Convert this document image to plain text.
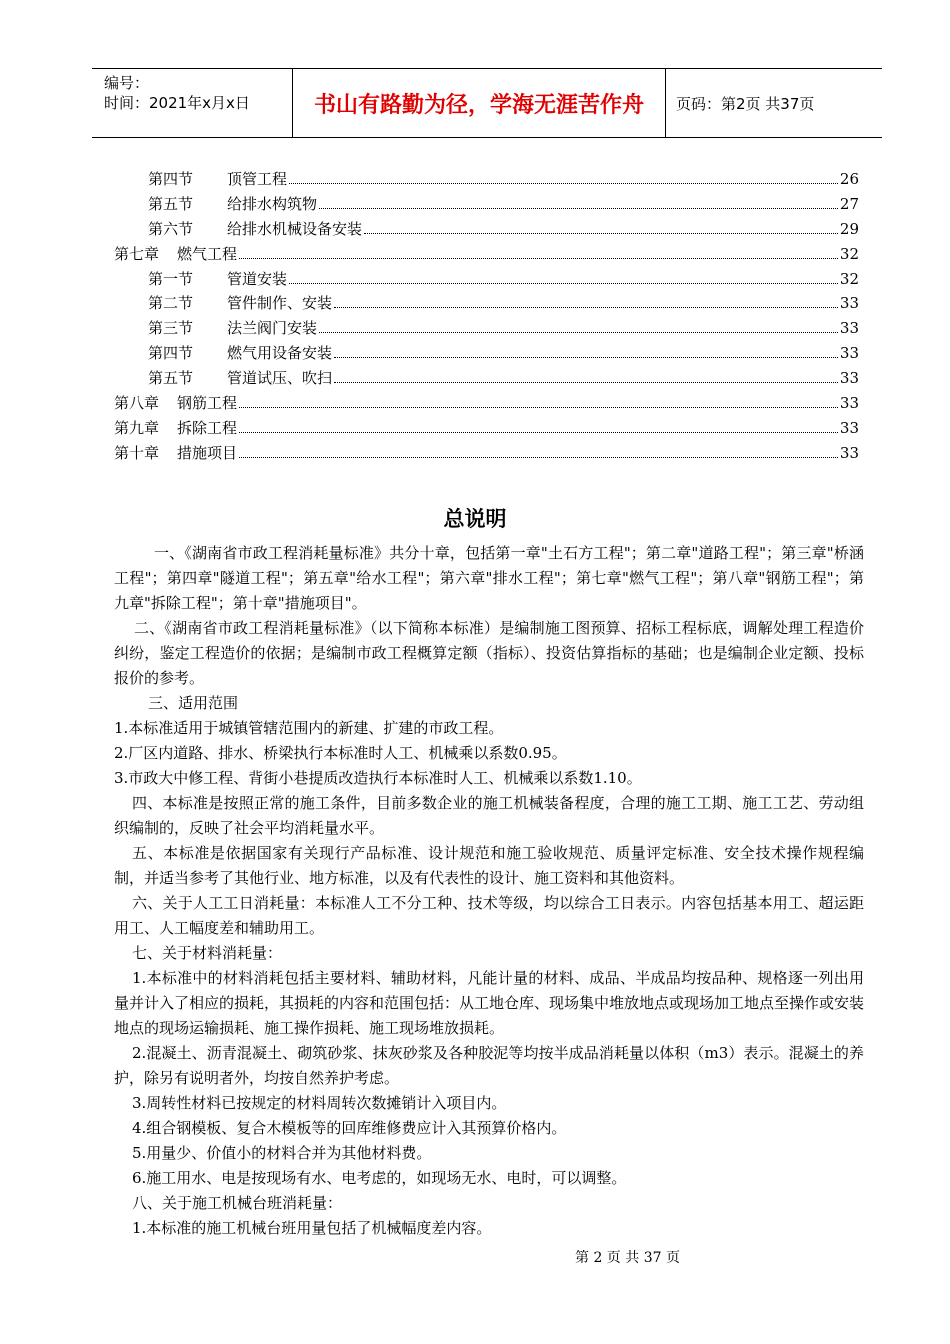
编号：
时间：2021年x月x日	书山有路勤为径，学海无涯苦作舟	页码：第2页 共37页
第四节 顶管工程	26
第五节 给排水构筑物	27
第六节 给排水机械设备安装	29
第七章 燃气工程	32
第一节 管道安装	32
第二节 管件制作、安装	33
第三节 法兰阀门安装	33
第四节 燃气用设备安装	33
第五节 管道试压、吹扫	33
第八章 钢筋工程	33
第九章 拆除工程	33
第十章 措施项目	33
总说明

一、《湖南省市政工程消耗量标准》共分十章，包括第一章"土石方工程"；第二章"道路工程"；第三章"桥涵工程"；第四章"隧道工程"；第五章"给水工程"；第六章"排水工程"；第七章"燃气工程"；第八章"钢筋工程"；第九章"拆除工程"；第十章"措施项目"。

二、《湖南省市政工程消耗量标准》（以下简称本标准）是编制施工图预算、招标工程标底，调解处理工程造价纠纷，鉴定工程造价的依据；是编制市政工程概算定额（指标）、投资估算指标的基础；也是编制企业定额、投标报价的参考。

三、适用范围

1.本标准适用于城镇管辖范围内的新建、扩建的市政工程。

2.厂区内道路、排水、桥梁执行本标准时人工、机械乘以系数0.95。

3.市政大中修工程、背街小巷提质改造执行本标准时人工、机械乘以系数1.10。

四、本标准是按照正常的施工条件，目前多数企业的施工机械装备程度，合理的施工工期、施工工艺、劳动组织编制的，反映了社会平均消耗量水平。

五、本标准是依据国家有关现行产品标准、设计规范和施工验收规范、质量评定标准、安全技术操作规程编制，并适当参考了其他行业、地方标准，以及有代表性的设计、施工资料和其他资料。

六、关于人工工日消耗量：本标准人工不分工种、技术等级，均以综合工日表示。内容包括基本用工、超运距用工、人工幅度差和辅助用工。

七、关于材料消耗量：

1.本标准中的材料消耗包括主要材料、辅助材料，凡能计量的材料、成品、半成品均按品种、规格逐一列出用量并计入了相应的损耗，其损耗的内容和范围包括：从工地仓库、现场集中堆放地点或现场加工地点至操作或安装地点的现场运输损耗、施工操作损耗、施工现场堆放损耗。

2.混凝土、沥青混凝土、砌筑砂浆、抹灰砂浆及各种胶泥等均按半成品消耗量以体积（m3）表示。混凝土的养护，除另有说明者外，均按自然养护考虑。

3.周转性材料已按规定的材料周转次数摊销计入项目内。

4.组合钢模板、复合木模板等的回库维修费应计入其预算价格内。

5.用量少、价值小的材料合并为其他材料费。

6.施工用水、电是按现场有水、电考虑的，如现场无水、电时，可以调整。

八、关于施工机械台班消耗量：

1.本标准的施工机械台班用量包括了机械幅度差内容。

第 2 页 共 37 页
